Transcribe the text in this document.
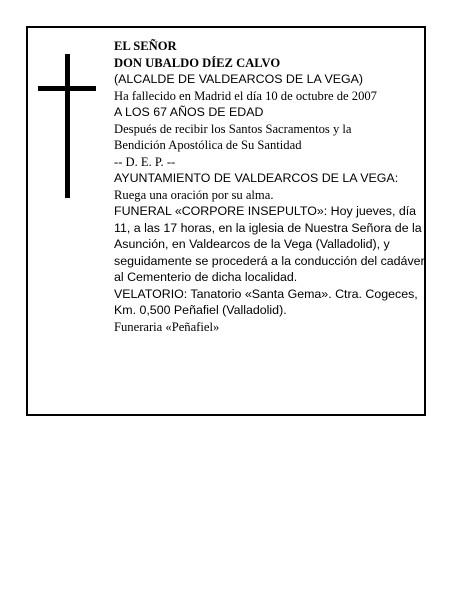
EL SEÑOR
DON UBALDO DÍEZ CALVO
(ALCALDE DE VALDEARCOS DE LA VEGA)
Ha fallecido en Madrid el día 10 de octubre de 2007
A LOS 67 AÑOS DE EDAD
Después de recibir los Santos Sacramentos y la Bendición Apostólica de Su Santidad
-- D. E. P. --
AYUNTAMIENTO DE VALDEARCOS DE LA VEGA:
Ruega una oración por su alma.
FUNERAL «CORPORE INSEPULTO»: Hoy jueves, día 11, a las 17 horas, en la iglesia de Nuestra Señora de la Asunción, en Valdearcos de la Vega (Valladolid), y seguidamente se procederá a la conducción del cadáver al Cementerio de dicha localidad.
VELATORIO: Tanatorio «Santa Gema». Ctra. Cogeces, Km. 0,500 Peñafiel (Valladolid).
Funeraria «Peñafiel»
